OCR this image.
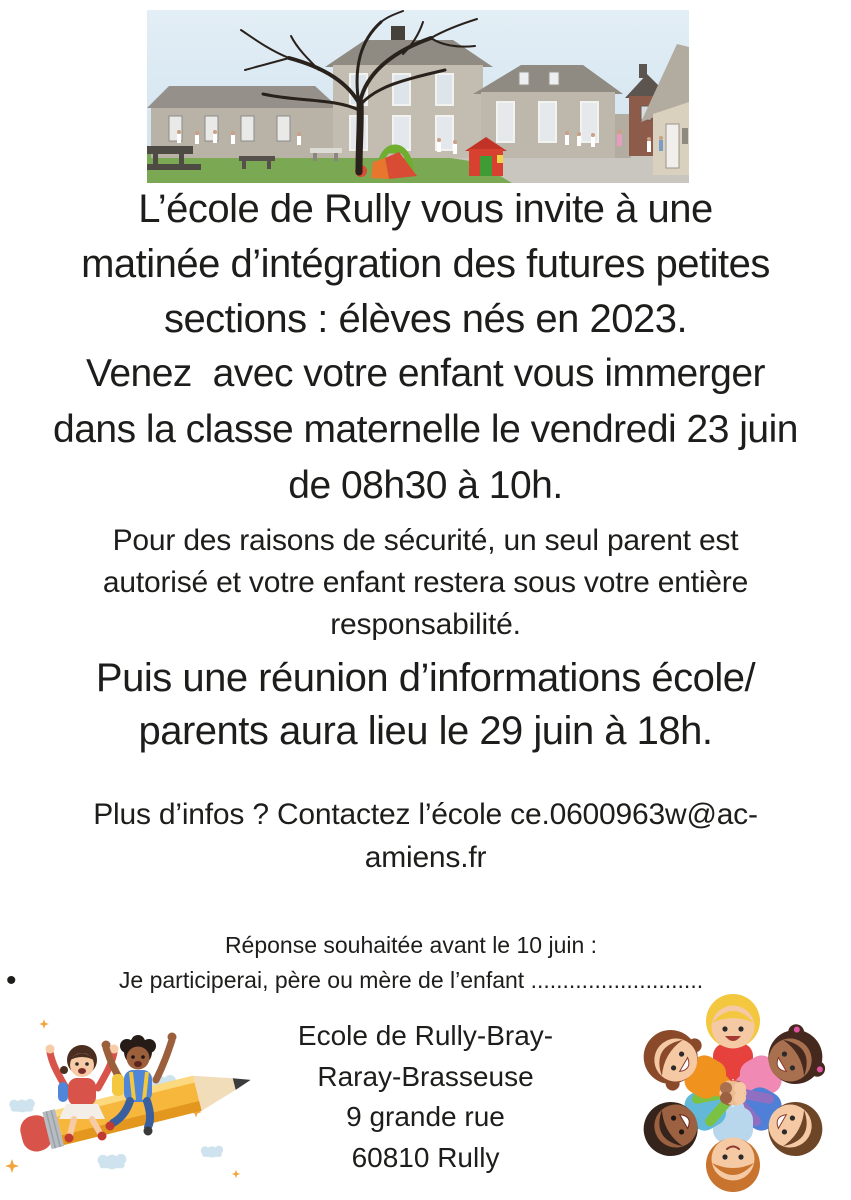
L’école de Rully vous invite à une
matinée d’intégration des futures petites
sections : élèves nés en 2023.
Venez  avec votre enfant vous immerger
dans la classe maternelle le vendredi 23 juin
de 08h30 à 10h.
Pour des raisons de sécurité, un seul parent est
autorisé et votre enfant restera sous votre entière
responsabilité.
Puis une réunion d’informations école/
parents aura lieu le 29 juin à 18h.
Plus d’infos ? Contactez l’école ce.0600963w@ac-
amiens.fr
•
Réponse souhaitée avant le 10 juin :
Je participerai, père ou mère de l’enfant ...........................
Ecole de Rully-Bray-
Raray-Brasseuse
9 grande rue
60810 Rully
